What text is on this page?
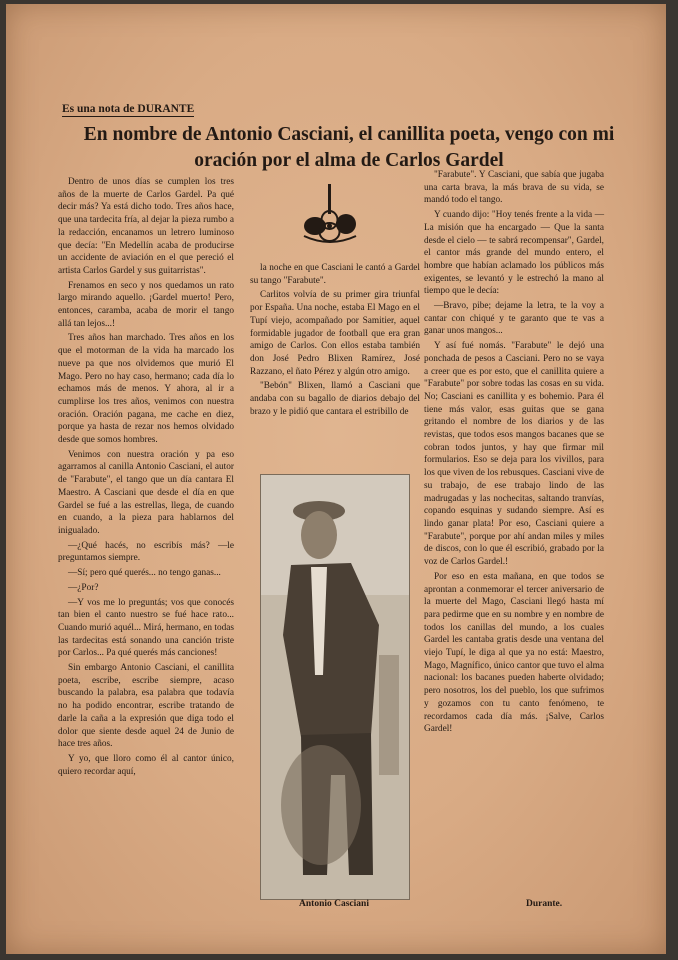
Es una nota de DURANTE
En nombre de Antonio Casciani, el canillita poeta, vengo con mi oración por el alma de Carlos Gardel

Dentro de unos días se cumplen los tres años de la muerte de Carlos Gardel. Pa qué decir más? Ya está dicho todo. Tres años hace, que una tardecita fría, al dejar la pieza rumbo a la redacción, encanamos un letrero luminoso que decía: "En Medellín acaba de producirse un accidente de aviación en el que pereció el artista Carlos Gardel y sus guitarristas".

Frenamos en seco y nos quedamos un rato largo mirando aquello. ¡Gardel muerto! Pero, entonces, caramba, acaba de morir el tango allá tan lejos...!

Tres años han marchado. Tres años en los que el motorman de la vida ha marcado los nueve pa que nos olvidemos que murió El Mago. Pero no hay caso, hermano; cada día lo echamos más de menos. Y ahora, al ir a cumplirse los tres años, venimos con nuestra oración. Oración pagana, me cache en diez, porque ya hasta de rezar nos hemos olvidado desde que somos hombres.

Venimos con nuestra oración y pa eso agarramos al canilla Antonio Casciani, el autor de "Farabute", el tango que un día cantara El Maestro. A Casciani que desde el día en que Gardel se fué a las estrellas, llega, de cuando en cuando, a la pieza para hablarnos del inigualado.

—¿Qué hacés, no escribís más? —le preguntamos siempre.

—Sí; pero qué querés... no tengo ganas...

—¿Por?

—Y vos me lo preguntás; vos que conocés tan bien el canto nuestro se fué hace rato... Cuando murió aquél... Mirá, hermano, en todas las tardecitas está sonando una canción triste por Carlos... Pa qué querés más canciones!

Sin embargo Antonio Casciani, el canillita poeta, escribe, escribe siempre, acaso buscando la palabra, esa palabra que todavía no ha podido encontrar, escribe tratando de darle la caña a la expresión que diga todo el dolor que siente desde aquel 24 de Junio de hace tres años.

Y yo, que lloro como él al cantor único, quiero recordar aquí,

la noche en que Casciani le cantó a Gardel su tango "Farabute".

Carlitos volvía de su primer gira triunfal por España. Una noche, estaba El Mago en el Tupí viejo, acompañado por Samitier, aquel formidable jugador de football que era gran amigo de Carlos. Con ellos estaba también don José Pedro Blixen Ramírez, José Razzano, el ñato Pérez y algún otro amigo.

"Bebón" Blixen, llamó a Casciani que andaba con su bagallo de diarios debajo del brazo y le pidió que cantara el estribillo de

Antonio Casciani

"Farabute". Y Casciani, que sabía que jugaba una carta brava, la más brava de su vida, se mandó todo el tango.

Y cuando dijo: "Hoy tenés frente a la vida — La misión que ha encargado — Que la santa desde el cielo — te sabrá recompensar", Gardel, el cantor más grande del mundo entero, el hombre que habían aclamado los públicos más exigentes, se levantó y le estrechó la mano al tiempo que le decía:

—Bravo, pibe; dejame la letra, te la voy a cantar con chiqué y te garanto que te vas a ganar unos mangos...

Y así fué nomás. "Farabute" le dejó una ponchada de pesos a Casciani. Pero no se vaya a creer que es por esto, que el canillita quiere a "Farabute" por sobre todas las cosas en su vida. No; Casciani es canillita y es bohemio. Para él tiene más valor, esas guitas que se gana gritando el nombre de los diarios y de las revistas, que todos esos mangos bacanes que se cobran todos juntos, y hay que firmar mil formularios. Eso se deja para los vivillos, para los que viven de los rebusques. Casciani vive de su trabajo, de ese trabajo lindo de las madrugadas y las nochecitas, saltando tranvías, copando esquinas y sudando siempre. Así es lindo ganar plata! Por eso, Casciani quiere a "Farabute", porque por ahí andan miles y miles de discos, con lo que él escribió, grabado por la voz de Carlos Gardel.!

Por eso en esta mañana, en que todos se aprontan a conmemorar el tercer aniversario de la muerte del Mago, Casciani llegó hasta mí para pedirme que en su nombre y en nombre de todos los canillas del mundo, a los cuales Gardel les cantaba gratis desde una ventana del viejo Tupí, le diga al que ya no está: Maestro, Mago, Magnífico, único cantor que tuvo el alma nacional: los bacanes pueden haberte olvidado; pero nosotros, los del pueblo, los que sufrimos y gozamos con tu canto fenómeno, te recordamos cada día más. ¡Salve, Carlos Gardel!

Durante.
